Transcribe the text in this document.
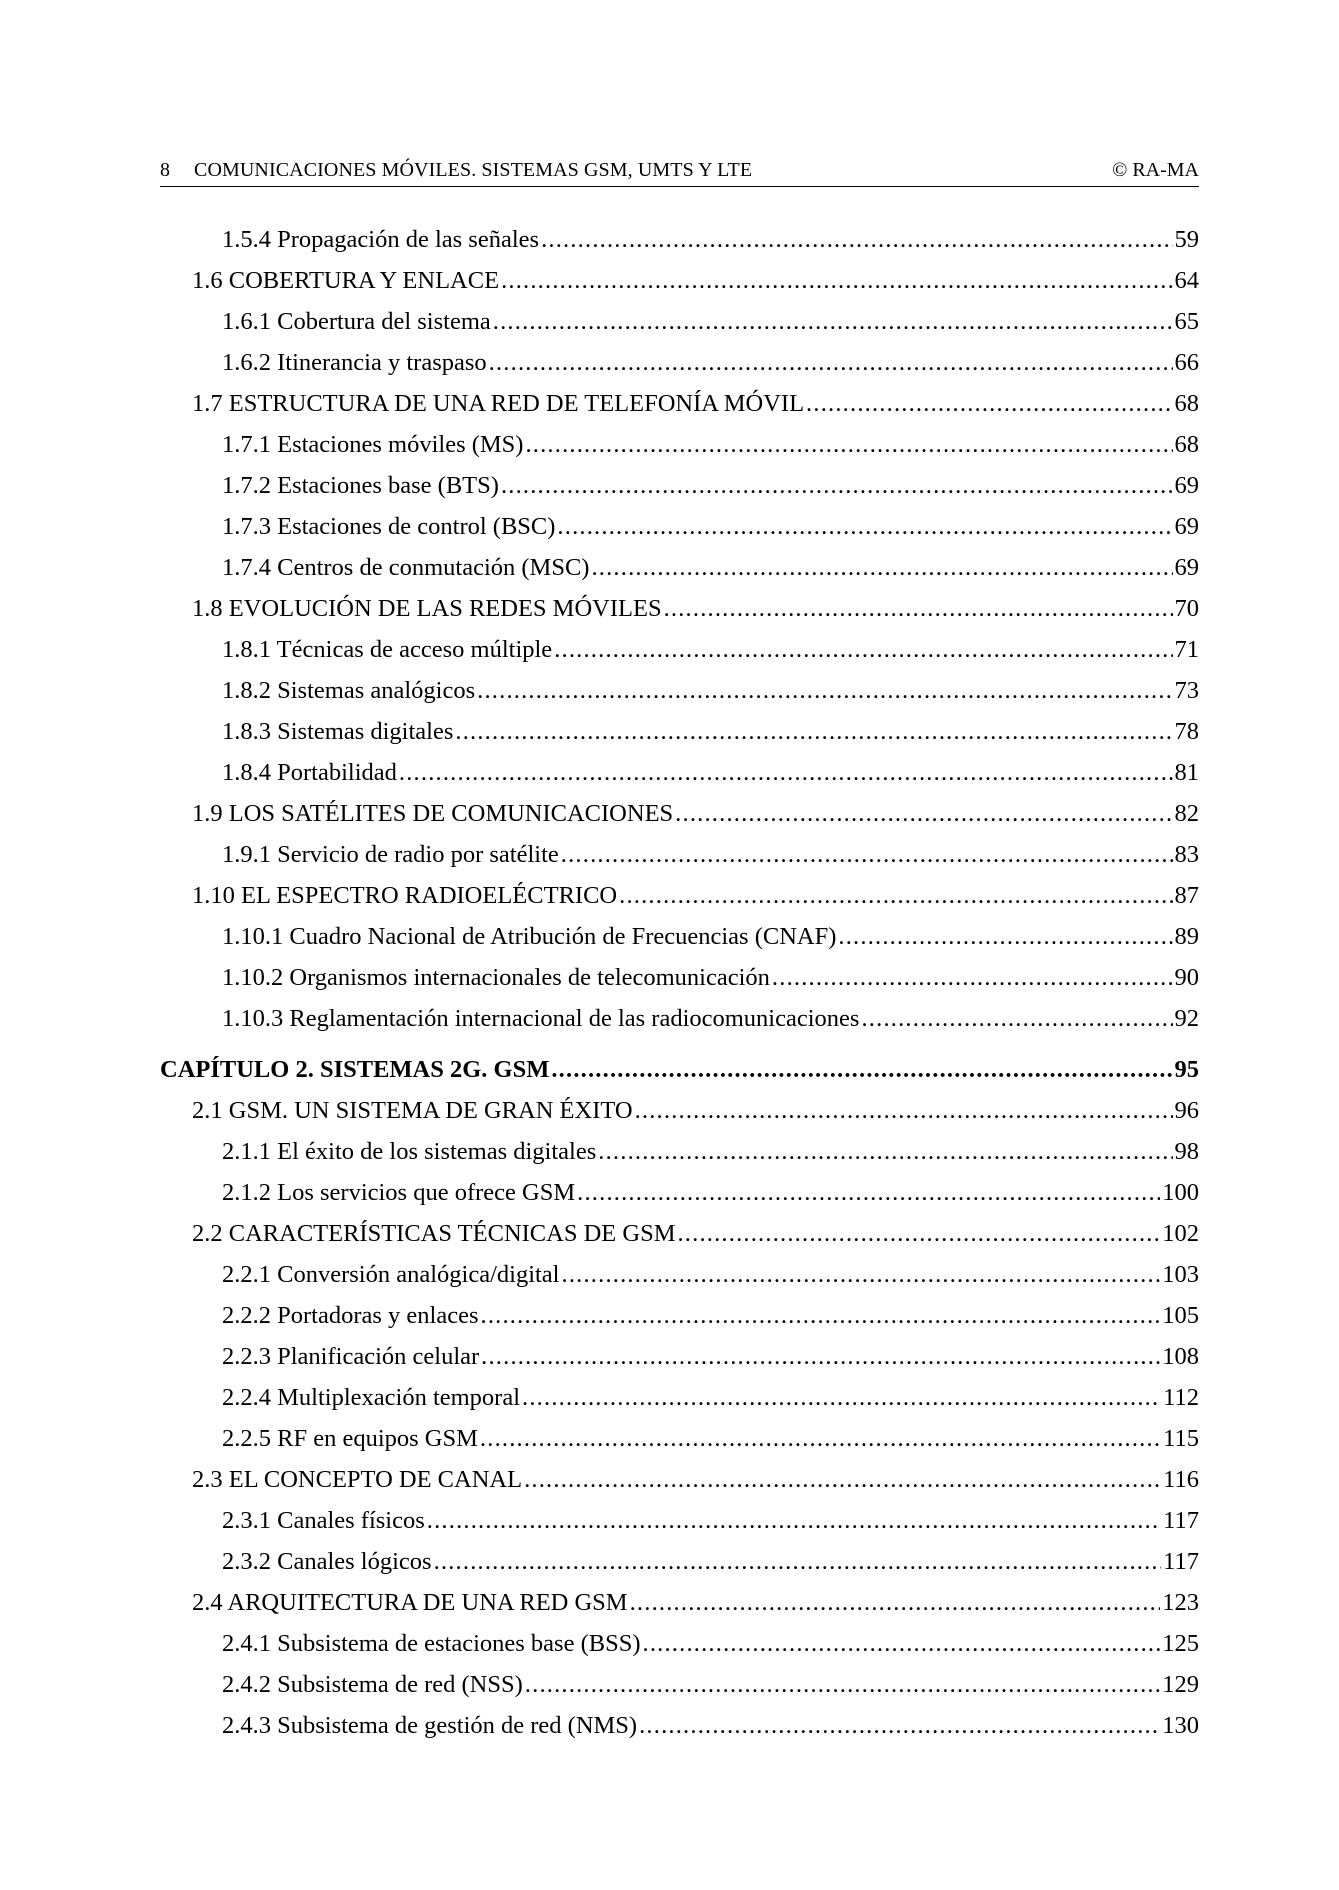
8 COMUNICACIONES MÓVILES. SISTEMAS GSM, UMTS Y LTE	© RA-MA
1.5.4 Propagación de las señales .....	59
1.6 COBERTURA Y ENLACE .....	64
1.6.1 Cobertura del sistema .....	65
1.6.2 Itinerancia y traspaso .....	66
1.7 ESTRUCTURA DE UNA RED DE TELEFONÍA MÓVIL .....	68
1.7.1 Estaciones móviles (MS) .....	68
1.7.2 Estaciones base (BTS) .....	69
1.7.3 Estaciones de control (BSC) .....	69
1.7.4 Centros de conmutación (MSC) .....	69
1.8 EVOLUCIÓN DE LAS REDES MÓVILES .....	70
1.8.1 Técnicas de acceso múltiple .....	71
1.8.2 Sistemas analógicos .....	73
1.8.3 Sistemas digitales .....	78
1.8.4 Portabilidad .....	81
1.9 LOS SATÉLITES DE COMUNICACIONES .....	82
1.9.1 Servicio de radio por satélite .....	83
1.10 EL ESPECTRO RADIOELÉCTRICO .....	87
1.10.1 Cuadro Nacional de Atribución de Frecuencias (CNAF) .....	89
1.10.2 Organismos internacionales de telecomunicación .....	90
1.10.3 Reglamentación internacional de las radiocomunicaciones .....	92
CAPÍTULO 2. SISTEMAS 2G. GSM .....	95
2.1 GSM. UN SISTEMA DE GRAN ÉXITO .....	96
2.1.1 El éxito de los sistemas digitales .....	98
2.1.2 Los servicios que ofrece GSM .....	100
2.2 CARACTERÍSTICAS TÉCNICAS DE GSM .....	102
2.2.1 Conversión analógica/digital .....	103
2.2.2 Portadoras y enlaces .....	105
2.2.3 Planificación celular .....	108
2.2.4 Multiplexación temporal .....	112
2.2.5 RF en equipos GSM .....	115
2.3 EL CONCEPTO DE CANAL .....	116
2.3.1 Canales físicos .....	117
2.3.2 Canales lógicos .....	117
2.4 ARQUITECTURA DE UNA RED GSM .....	123
2.4.1 Subsistema de estaciones base (BSS) .....	125
2.4.2 Subsistema de red (NSS) .....	129
2.4.3 Subsistema de gestión de red (NMS) .....	130
